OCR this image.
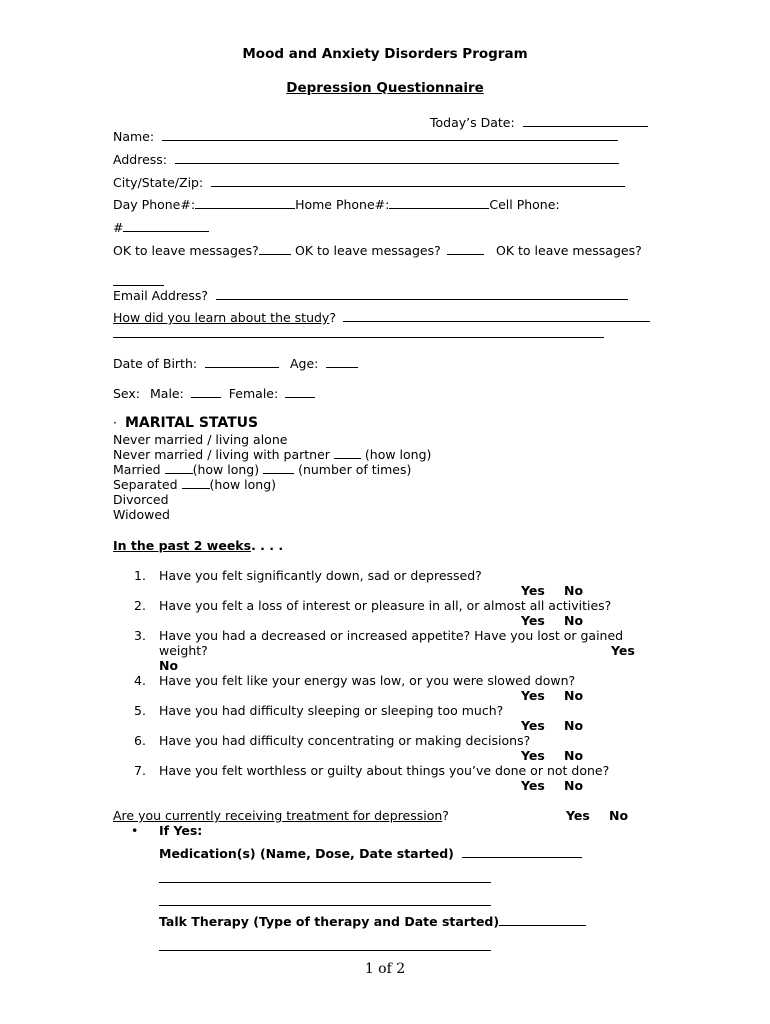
Mood and Anxiety Disorders Program
Depression Questionnaire
Today’s Date:
Name:
Address:
City/State/Zip:
Day Phone#:	Home Phone#:	Cell Phone:
#
OK to leave messages?	OK to leave messages?	OK to leave messages?
Email Address?
How did you learn about the study?
Date of Birth:	Age:
Sex: Male:	Female:
· MARITAL STATUS
Never married / living alone
Never married / living with partner	(how long)
Married	(how long)	(number of times)
Separated	(how long)
Divorced
Widowed
In the past 2 weeks. . . .
1. Have you felt significantly down, sad or depressed?
Yes No
2. Have you felt a loss of interest or pleasure in all, or almost all activities?
Yes No
3. Have you had a decreased or increased appetite? Have you lost or gained
weight?	Yes
No
4. Have you felt like your energy was low, or you were slowed down?
Yes No
5. Have you had difficulty sleeping or sleeping too much?
Yes No
6. Have you had difficulty concentrating or making decisions?
Yes No
7. Have you felt worthless or guilty about things you’ve done or not done?
Yes No
Are you currently receiving treatment for depression?	Yes No
• If Yes:
Medication(s) (Name, Dose, Date started)
Talk Therapy (Type of therapy and Date started)
1 of 2
